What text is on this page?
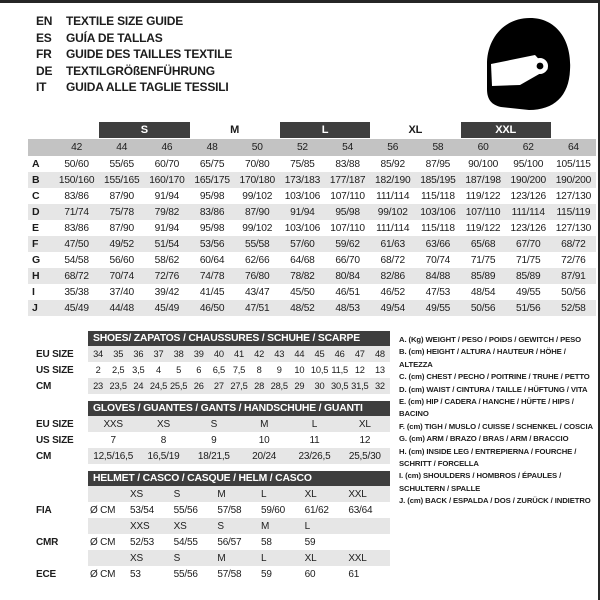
EN	TEXTILE SIZE GUIDE
ES	GUÍA DE TALLAS
FR	GUIDE DES TAILLES TEXTILE
DE	TEXTILGRÖßENFÜHRUNG
IT	GUIDA ALLE TAGLIE TESSILI
S	M	L	XL	XXL
42	44	46	48	50	52	54	56	58	60	62	64
A	50/60	55/65	60/70	65/75	70/80	75/85	83/88	85/92	87/95	90/100	95/100	105/115
B	150/160 155/165 160/170 165/175 170/180 173/183 177/187 182/190 185/195 187/198 190/200 190/200
C	83/86	87/90	91/94	95/98	99/102	103/106 107/110	111/114	115/118	119/122 123/126 127/130
D	71/74	75/78	79/82	83/86	87/90	91/94	95/98	99/102	103/106 107/110	111/114	115/119
E	83/86	87/90	91/94	95/98	99/102	103/106 107/110	111/114	115/118	119/122 123/126 127/130
F	47/50	49/52	51/54	53/56	55/58	57/60	59/62	61/63	63/66	65/68	67/70	68/72
G	54/58	56/60	58/62	60/64	62/66	64/68	66/70	68/72	70/74	71/75	71/75	72/76
H	68/72	70/74	72/76	74/78	76/80	78/82	80/84	82/86	84/88	85/89	85/89	87/91
I	35/38	37/40	39/42	41/45	43/47	45/50	46/51	46/52	47/53	48/54	49/55	50/56
J	45/49	44/48	45/49	46/50	47/51	48/52	48/53	49/54	49/55	50/56	51/56	52/58
SHOES/ ZAPATOS / CHAUSSURES / SCHUHE / SCARPE
EU SIZE	34	35	36	37	38	39	40	41	42	43	44	45	46	47	48
US SIZE	2	2,5 3,5	4	5	6	6,5 7,5	8	9	10 10,5 11,5 12	13
CM	23 23,5 24 24,5 25,5 26	27 27,5 28 28,5 29	30 30,5 31,5 32
GLOVES / GUANTES / GANTS / HANDSCHUHE / GUANTI
EU SIZE	XXS	XS	S	M	L	XL
US SIZE	7	8	9	10	11	12
CM	12,5/16,5	16,5/19	18/21,5	20/24	23/26,5	25,5/30
HELMET / CASCO / CASQUE / HELM / CASCO
XS	S	M	L	XL	XXL
FIA	Ø CM	53/54	55/56	57/58	59/60	61/62	63/64
XXS	XS	S	M	L
CMR	Ø CM	52/53	54/55	56/57	58	59
XS	S	M	L	XL	XXL
ECE	Ø CM	53	55/56	57/58	59	60	61
A. (Kg) WEIGHT / PESO / POIDS / GEWITCH / PESO
B. (cm) HEIGHT / ALTURA / HAUTEUR / HÖHE / ALTEZZA
C. (cm) CHEST / PECHO / POITRINE / TRUHE / PETTO
D. (cm) WAIST / CINTURA / TAILLE / HÜFTUNG / VITA
E. (cm) HIP / CADERA / HANCHE / HÜFTE / HIPS / BACINO
F. (cm) TIGH / MUSLO / CUISSE / SCHENKEL / COSCIA
G. (cm) ARM / BRAZO / BRAS / ARM / BRACCIO
H. (cm) INSIDE LEG / ENTREPIERNA / FOURCHE / SCHRITT / FORCELLA
I. (cm) SHOULDERS / HOMBROS / ÉPAULES / SCHULTERN / SPALLE
J. (cm) BACK / ESPALDA / DOS / ZURÜCK / INDIETRO
